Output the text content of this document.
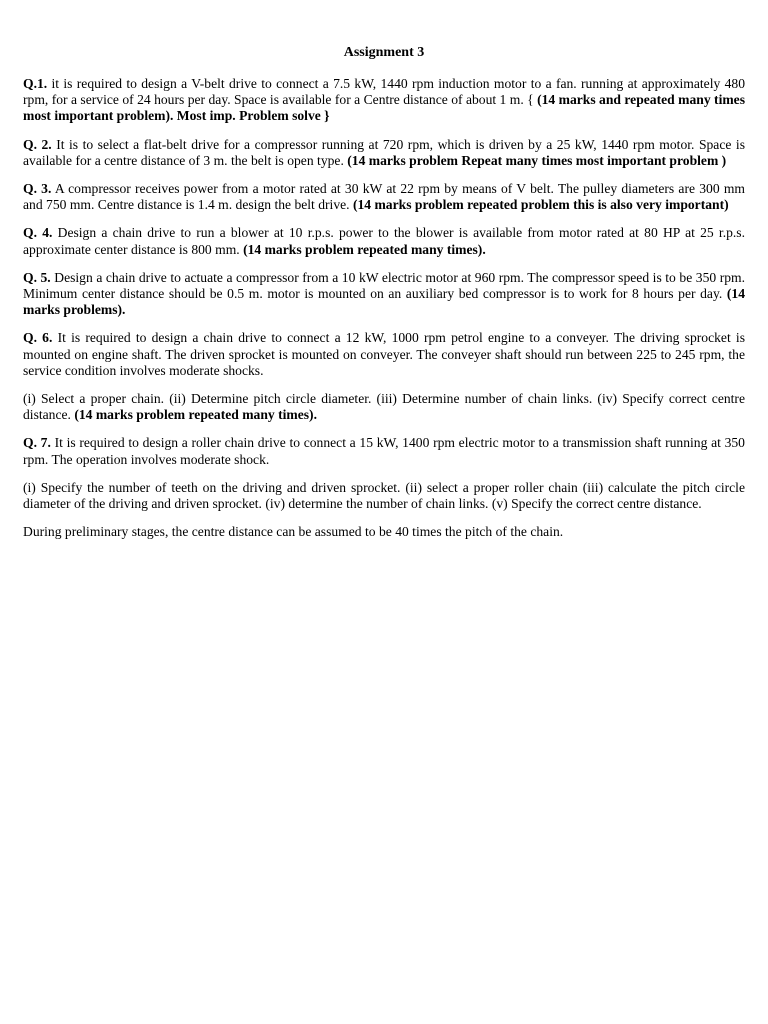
Assignment 3

Q.1. it is required to design a V-belt drive to connect a 7.5 kW, 1440 rpm induction motor to a fan. running at approximately 480 rpm, for a service of 24 hours per day. Space is available for a Centre distance of about 1 m. { (14 marks and repeated many times most important problem). Most imp. Problem solve }

Q. 2. It is to select a flat-belt drive for a compressor running at 720 rpm, which is driven by a 25 kW, 1440 rpm motor. Space is available for a centre distance of 3 m. the belt is open type. (14 marks problem Repeat many times most important problem )

Q. 3. A compressor receives power from a motor rated at 30 kW at 22 rpm by means of V belt. The pulley diameters are 300 mm and 750 mm. Centre distance is 1.4 m. design the belt drive. (14 marks problem repeated problem this is also very important)

Q. 4. Design a chain drive to run a blower at 10 r.p.s. power to the blower is available from motor rated at 80 HP at 25 r.p.s. approximate center distance is 800 mm. (14 marks problem repeated many times).

Q. 5. Design a chain drive to actuate a compressor from a 10 kW electric motor at 960 rpm. The compressor speed is to be 350 rpm. Minimum center distance should be 0.5 m. motor is mounted on an auxiliary bed compressor is to work for 8 hours per day. (14 marks problems).

Q. 6. It is required to design a chain drive to connect a 12 kW, 1000 rpm petrol engine to a conveyer. The driving sprocket is mounted on engine shaft. The driven sprocket is mounted on conveyer. The conveyer shaft should run between 225 to 245 rpm, the service condition involves moderate shocks.

(i) Select a proper chain. (ii) Determine pitch circle diameter. (iii) Determine number of chain links. (iv) Specify correct centre distance. (14 marks problem repeated many times).

Q. 7. It is required to design a roller chain drive to connect a 15 kW, 1400 rpm electric motor to a transmission shaft running at 350 rpm. The operation involves moderate shock.

(i) Specify the number of teeth on the driving and driven sprocket. (ii) select a proper roller chain (iii) calculate the pitch circle diameter of the driving and driven sprocket. (iv) determine the number of chain links. (v) Specify the correct centre distance.

During preliminary stages, the centre distance can be assumed to be 40 times the pitch of the chain.
